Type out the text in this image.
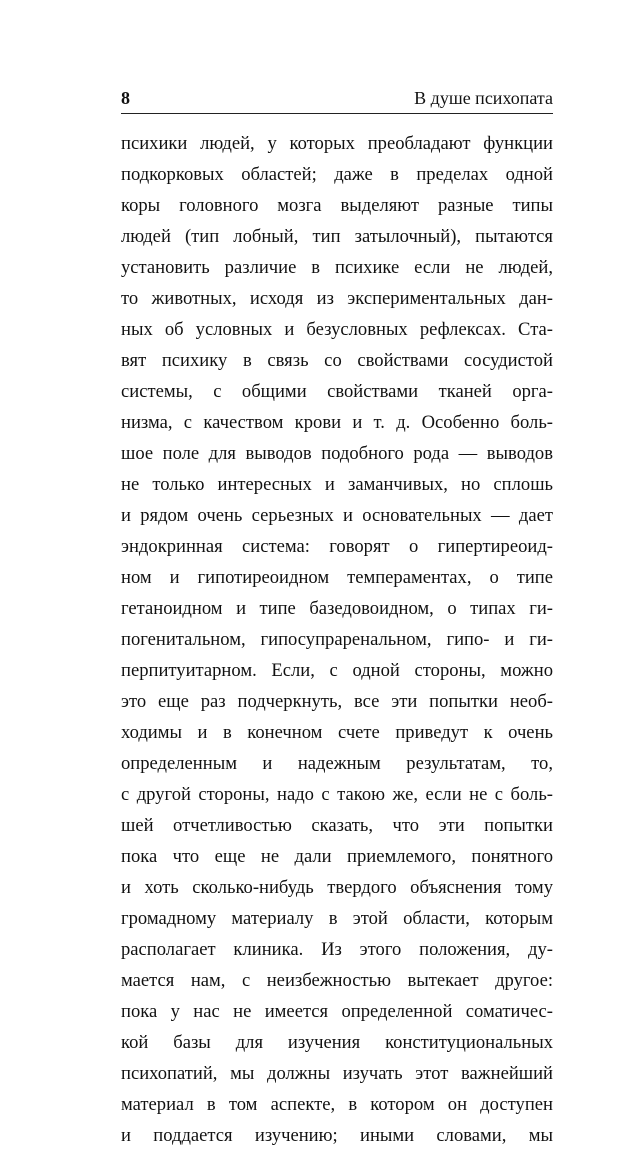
8	В душе психопата
психики людей, у которых преобладают функции
подкорковых областей; даже в пределах одной
коры головного мозга выделяют разные типы
людей (тип лобный, тип затылочный), пытаются
установить различие в психике если не людей,
то животных, исходя из экспериментальных дан-
ных об условных и безусловных рефлексах. Ста-
вят психику в связь со свойствами сосудистой
системы, с общими свойствами тканей орга-
низма, с качеством крови и т. д. Особенно боль-
шое поле для выводов подобного рода — выводов
не только интересных и заманчивых, но сплошь
и рядом очень серьезных и основательных — дает
эндокринная система: говорят о гипертиреоид-
ном и гипотиреоидном темпераментах, о типе
гетаноидном и типе базедовоидном, о типах ги-
погенитальном, гипосупраренальном, гипо- и ги-
перпитуитарном. Если, с одной стороны, можно
это еще раз подчеркнуть, все эти попытки необ-
ходимы и в конечном счете приведут к очень
определенным и надежным результатам, то,
с другой стороны, надо с такою же, если не с боль-
шей отчетливостью сказать, что эти попытки
пока что еще не дали приемлемого, понятного
и хоть сколько-нибудь твердого объяснения тому
громадному материалу в этой области, которым
располагает клиника. Из этого положения, ду-
мается нам, с неизбежностью вытекает другое:
пока у нас не имеется определенной соматичес-
кой базы для изучения конституциональных
психопатий, мы должны изучать этот важнейший
материал в том аспекте, в котором он доступен
и поддается изучению; иными словами, мы
